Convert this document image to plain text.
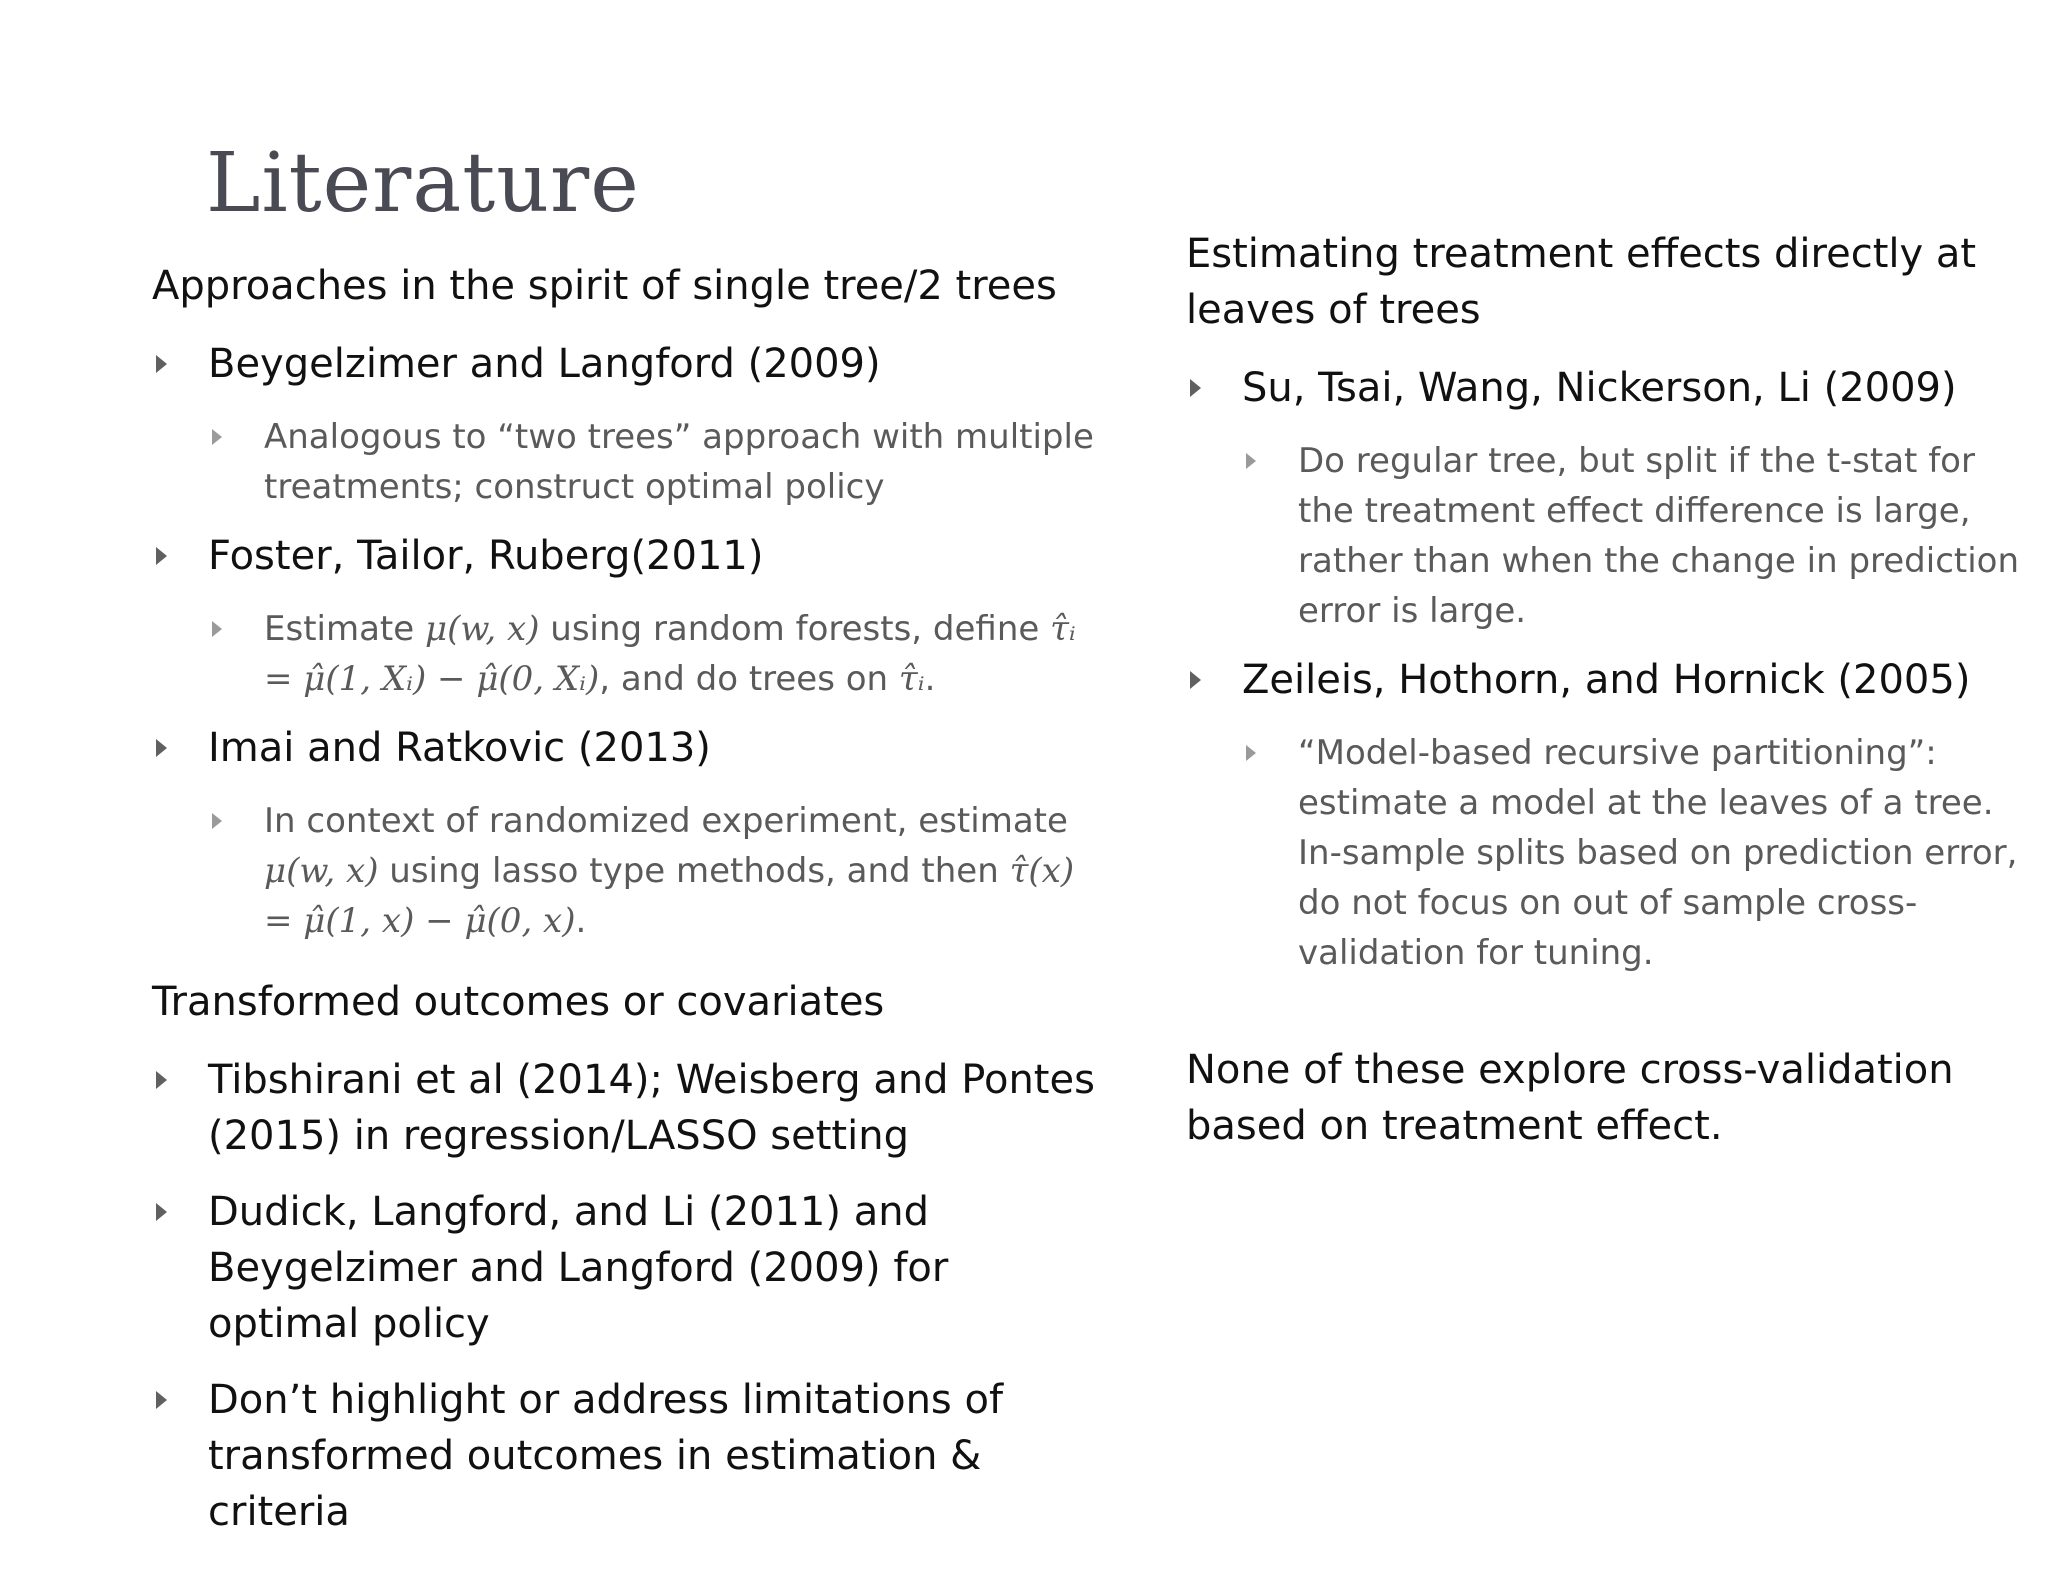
Literature
Approaches in the spirit of single tree/2 trees
Beygelzimer and Langford (2009)
Analogous to “two trees” approach with multiple treatments; construct optimal policy
Foster, Tailor, Ruberg(2011)
Estimate μ(w, x) using random forests, define τ̂ᵢ = μ̂(1, Xᵢ) − μ̂(0, Xᵢ), and do trees on τ̂ᵢ.
Imai and Ratkovic (2013)
In context of randomized experiment, estimate μ(w, x) using lasso type methods, and then τ̂(x) = μ̂(1, x) − μ̂(0, x).
Transformed outcomes or covariates
Tibshirani et al (2014); Weisberg and Pontes (2015) in regression/LASSO setting
Dudick, Langford, and Li (2011) and Beygelzimer and Langford (2009) for optimal policy
Don’t highlight or address limitations of transformed outcomes in estimation & criteria
Estimating treatment effects directly at leaves of trees
Su, Tsai, Wang, Nickerson, Li (2009)
Do regular tree, but split if the t-stat for the treatment effect difference is large, rather than when the change in prediction error is large.
Zeileis, Hothorn, and Hornick (2005)
“Model-based recursive partitioning”: estimate a model at the leaves of a tree. In-sample splits based on prediction error, do not focus on out of sample cross-validation for tuning.
None of these explore cross-validation based on treatment effect.
